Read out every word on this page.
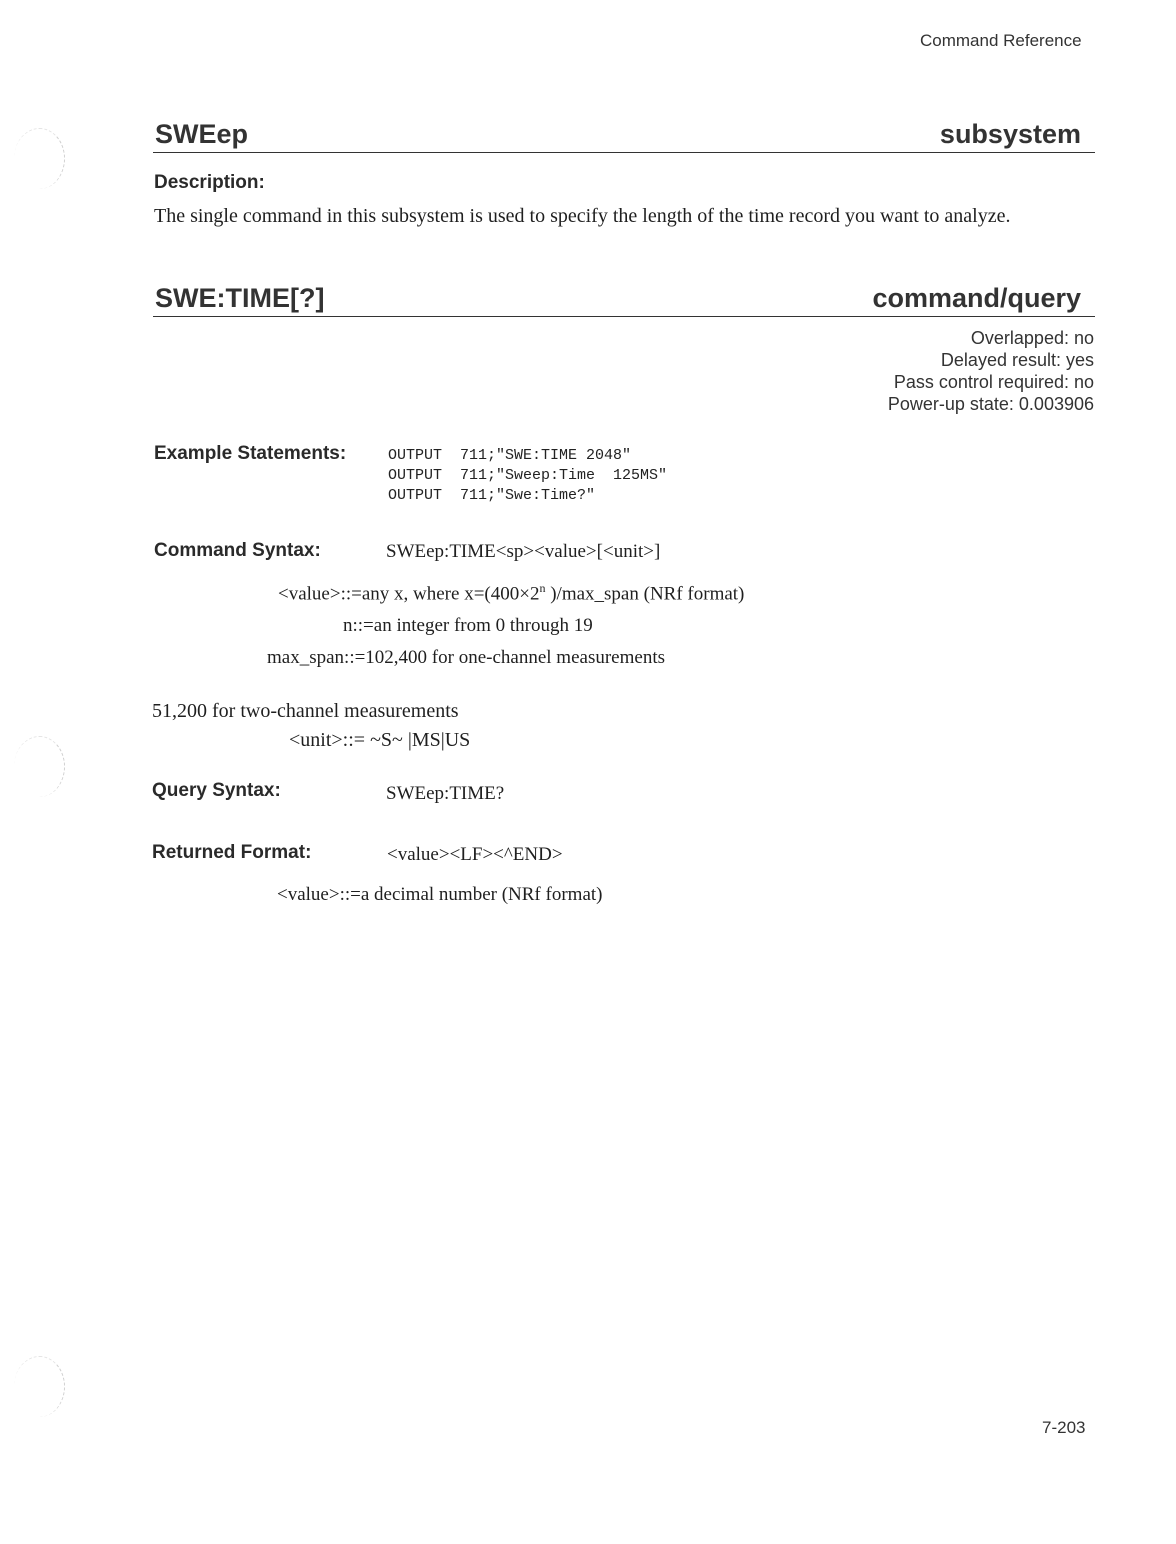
Command Reference
SWEep	subsystem
Description:
The single command in this subsystem is used to specify the length of the time record you want to analyze.
SWE:TIME[?]	command/query
Overlapped: no
Delayed result: yes
Pass control required: no
Power-up state: 0.003906
Example Statements:	OUTPUT  711;"SWE:TIME 2048"
OUTPUT  711;"Sweep:Time  125MS"
OUTPUT  711;"Swe:Time?"
Command Syntax:	SWEep:TIME<sp><value>[<unit>]
<value>::=any x, where $x=(400\times 2^n$ )/max_span (NRf format)
n::=an integer from 0 through 19
max_span::=102,400 for one-channel measurements
51,200 for two-channel measurements
<unit>::= ~S~ |MS|US
Query Syntax:	SWEep:TIME?
Returned Format:	<value><LF><^END>
<value>::=a decimal number (NRf format)
7-203
